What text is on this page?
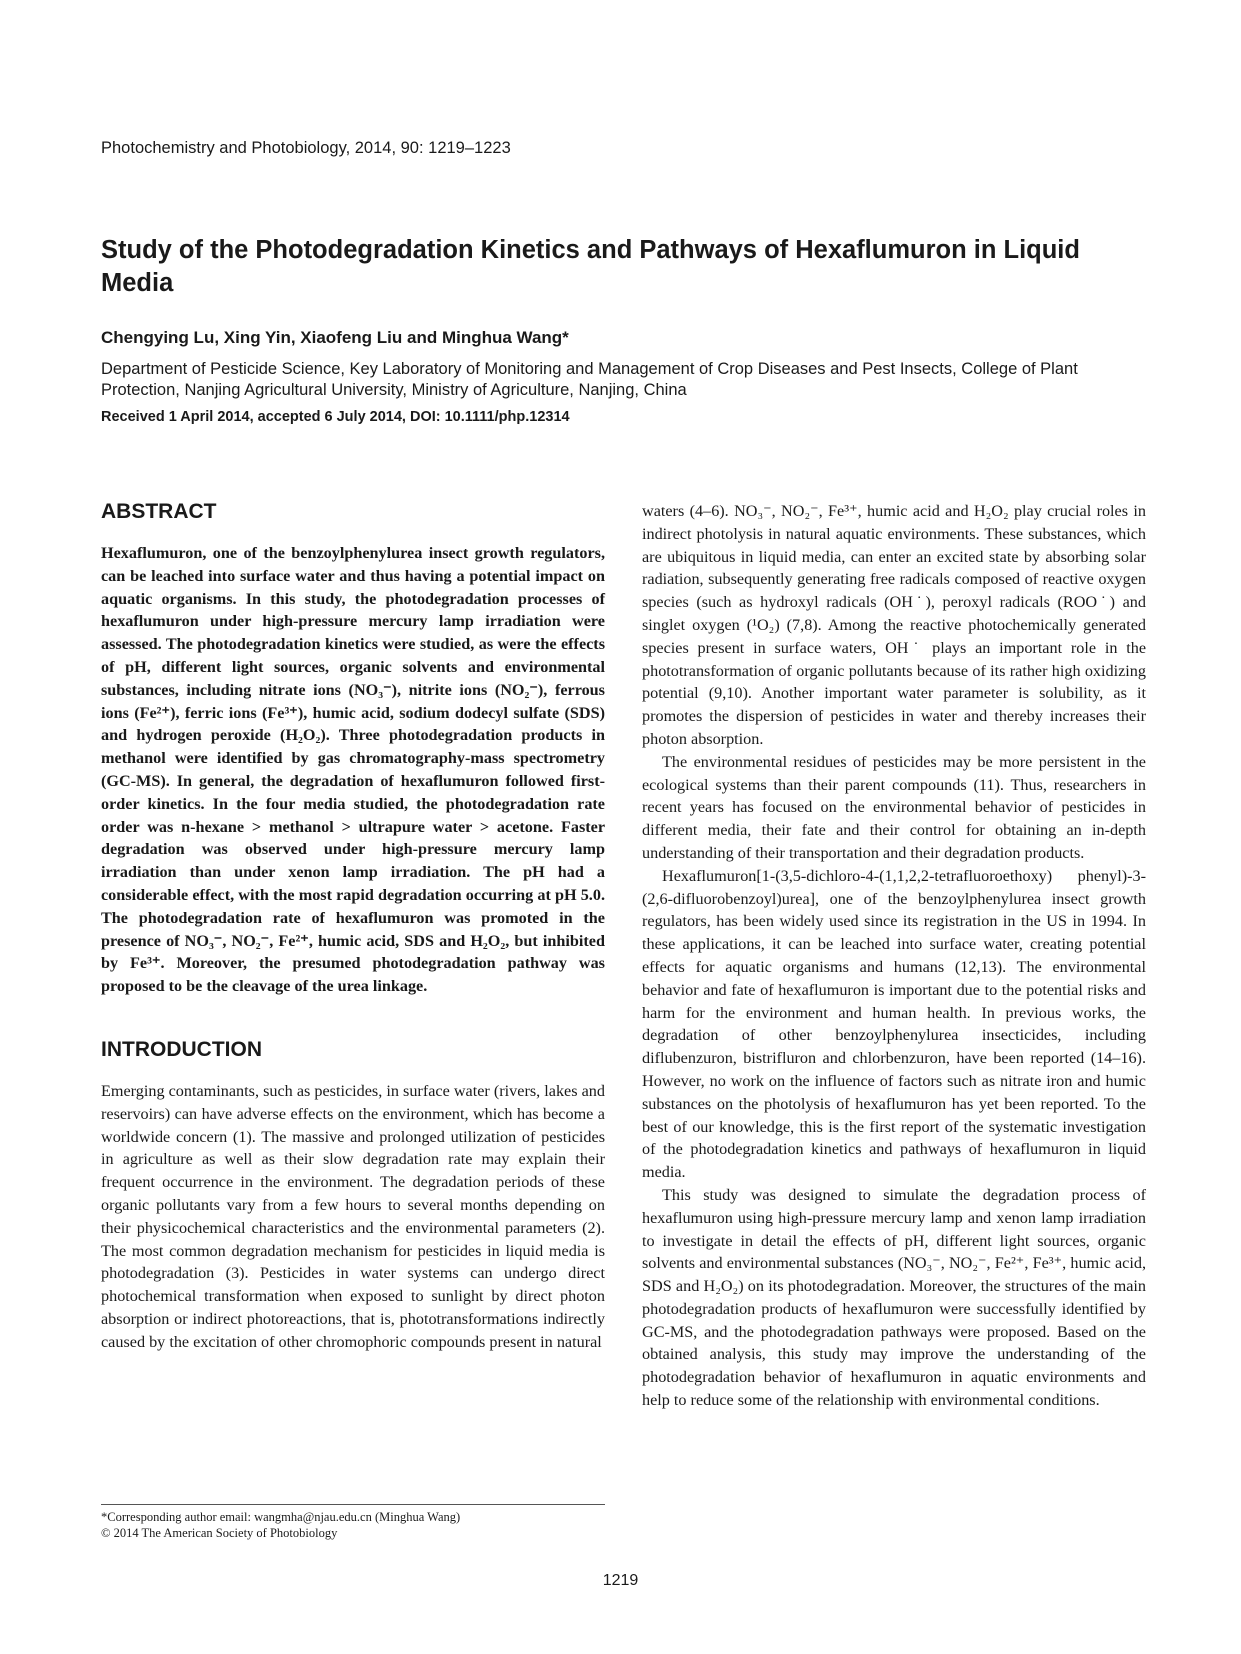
Photochemistry and Photobiology, 2014, 90: 1219–1223
Study of the Photodegradation Kinetics and Pathways of Hexaflumuron in Liquid Media
Chengying Lu, Xing Yin, Xiaofeng Liu and Minghua Wang*
Department of Pesticide Science, Key Laboratory of Monitoring and Management of Crop Diseases and Pest Insects, College of Plant Protection, Nanjing Agricultural University, Ministry of Agriculture, Nanjing, China
Received 1 April 2014, accepted 6 July 2014, DOI: 10.1111/php.12314
ABSTRACT

Hexaflumuron, one of the benzoylphenylurea insect growth regulators, can be leached into surface water and thus having a potential impact on aquatic organisms. In this study, the photodegradation processes of hexaflumuron under high-pressure mercury lamp irradiation were assessed. The photodegradation kinetics were studied, as were the effects of pH, different light sources, organic solvents and environmental substances, including nitrate ions (NO₃⁻), nitrite ions (NO₂⁻), ferrous ions (Fe²⁺), ferric ions (Fe³⁺), humic acid, sodium dodecyl sulfate (SDS) and hydrogen peroxide (H₂O₂). Three photodegradation products in methanol were identified by gas chromatography-mass spectrometry (GC-MS). In general, the degradation of hexaflumuron followed first-order kinetics. In the four media studied, the photodegradation rate order was n-hexane > methanol > ultrapure water > acetone. Faster degradation was observed under high-pressure mercury lamp irradiation than under xenon lamp irradiation. The pH had a considerable effect, with the most rapid degradation occurring at pH 5.0. The photodegradation rate of hexaflumuron was promoted in the presence of NO₃⁻, NO₂⁻, Fe²⁺, humic acid, SDS and H₂O₂, but inhibited by Fe³⁺. Moreover, the presumed photodegradation pathway was proposed to be the cleavage of the urea linkage.

INTRODUCTION

Emerging contaminants, such as pesticides, in surface water (rivers, lakes and reservoirs) can have adverse effects on the environment, which has become a worldwide concern (1). The massive and prolonged utilization of pesticides in agriculture as well as their slow degradation rate may explain their frequent occurrence in the environment. The degradation periods of these organic pollutants vary from a few hours to several months depending on their physicochemical characteristics and the environmental parameters (2). The most common degradation mechanism for pesticides in liquid media is photodegradation (3). Pesticides in water systems can undergo direct photochemical transformation when exposed to sunlight by direct photon absorption or indirect photoreactions, that is, phototransformations indirectly caused by the excitation of other chromophoric compounds present in natural

waters (4–6). NO₃⁻, NO₂⁻, Fe³⁺, humic acid and H₂O₂ play crucial roles in indirect photolysis in natural aquatic environments. These substances, which are ubiquitous in liquid media, can enter an excited state by absorbing solar radiation, subsequently generating free radicals composed of reactive oxygen species (such as hydroxyl radicals (OH˙), peroxyl radicals (ROO˙) and singlet oxygen (¹O₂) (7,8). Among the reactive photochemically generated species present in surface waters, OH˙ plays an important role in the phototransformation of organic pollutants because of its rather high oxidizing potential (9,10). Another important water parameter is solubility, as it promotes the dispersion of pesticides in water and thereby increases their photon absorption.

The environmental residues of pesticides may be more persistent in the ecological systems than their parent compounds (11). Thus, researchers in recent years has focused on the environmental behavior of pesticides in different media, their fate and their control for obtaining an in-depth understanding of their transportation and their degradation products.

Hexaflumuron[1-(3,5-dichloro-4-(1,1,2,2-tetrafluoroethoxy) phenyl)-3-(2,6-difluorobenzoyl)urea], one of the benzoylphenylurea insect growth regulators, has been widely used since its registration in the US in 1994. In these applications, it can be leached into surface water, creating potential effects for aquatic organisms and humans (12,13). The environmental behavior and fate of hexaflumuron is important due to the potential risks and harm for the environment and human health. In previous works, the degradation of other benzoylphenylurea insecticides, including diflubenzuron, bistrifluron and chlorbenzuron, have been reported (14–16). However, no work on the influence of factors such as nitrate iron and humic substances on the photolysis of hexaflumuron has yet been reported. To the best of our knowledge, this is the first report of the systematic investigation of the photodegradation kinetics and pathways of hexaflumuron in liquid media.

This study was designed to simulate the degradation process of hexaflumuron using high-pressure mercury lamp and xenon lamp irradiation to investigate in detail the effects of pH, different light sources, organic solvents and environmental substances (NO₃⁻, NO₂⁻, Fe²⁺, Fe³⁺, humic acid, SDS and H₂O₂) on its photodegradation. Moreover, the structures of the main photodegradation products of hexaflumuron were successfully identified by GC-MS, and the photodegradation pathways were proposed. Based on the obtained analysis, this study may improve the understanding of the photodegradation behavior of hexaflumuron in aquatic environments and help to reduce some of the relationship with environmental conditions.

*Corresponding author email: wangmha@njau.edu.cn (Minghua Wang)
© 2014 The American Society of Photobiology
1219
